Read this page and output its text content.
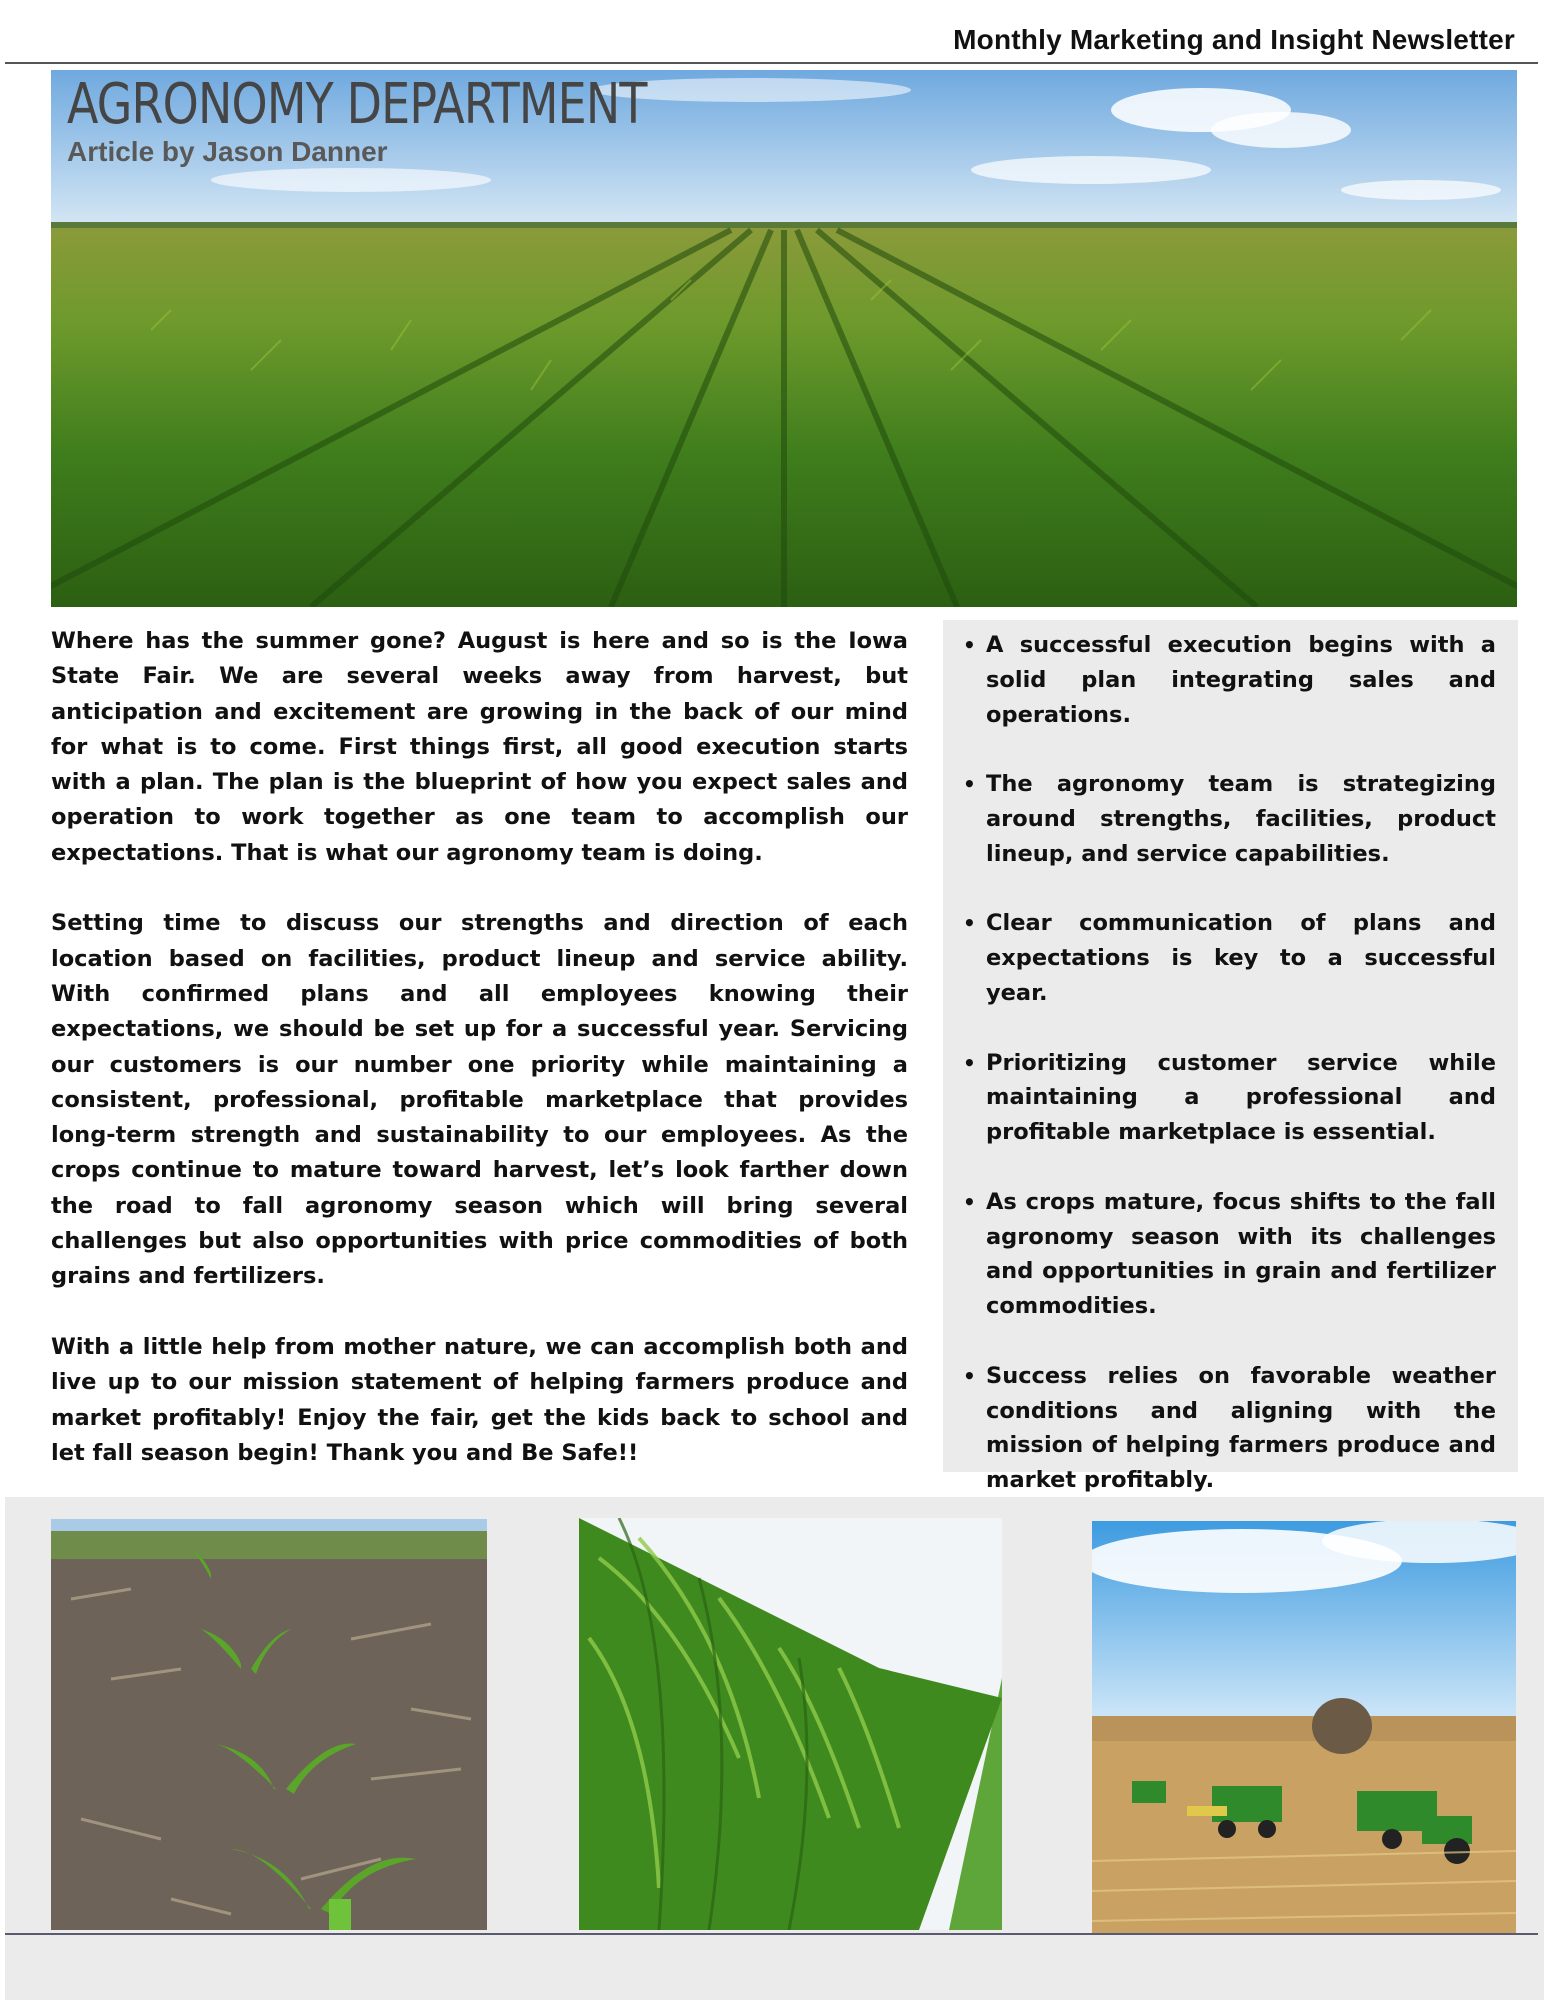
Monthly Marketing and Insight Newsletter
AGRONOMY DEPARTMENT
Article by Jason Danner

Where has the summer gone? August is here and so is the Iowa State Fair. We are several weeks away from harvest, but anticipation and excitement are growing in the back of our mind for what is to come. First things first, all good execution starts with a plan. The plan is the blueprint of how you expect sales and operation to work together as one team to accomplish our expectations. That is what our agronomy team is doing.

Setting time to discuss our strengths and direction of each location based on facilities, product lineup and service ability. With confirmed plans and all employees knowing their expectations, we should be set up for a successful year. Servicing our customers is our number one priority while maintaining a consistent, professional, profitable marketplace that provides long-term strength and sustainability to our employees. As the crops continue to mature toward harvest, let’s look farther down the road to fall agronomy season which will bring several challenges but also opportunities with price commodities of both grains and fertilizers.

With a little help from mother nature, we can accomplish both and live up to our mission statement of helping farmers produce and market profitably! Enjoy the fair, get the kids back to school and let fall season begin! Thank you and Be Safe!!

• A successful execution begins with a solid plan integrating sales and operations.
• The agronomy team is strategizing around strengths, facilities, product lineup, and service capabilities.
• Clear communication of plans and expectations is key to a successful year.
• Prioritizing customer service while maintaining a professional and profitable marketplace is essential.
• As crops mature, focus shifts to the fall agronomy season with its challenges and opportunities in grain and fertilizer commodities.
• Success relies on favorable weather conditions and aligning with the mission of helping farmers produce and market profitably.
